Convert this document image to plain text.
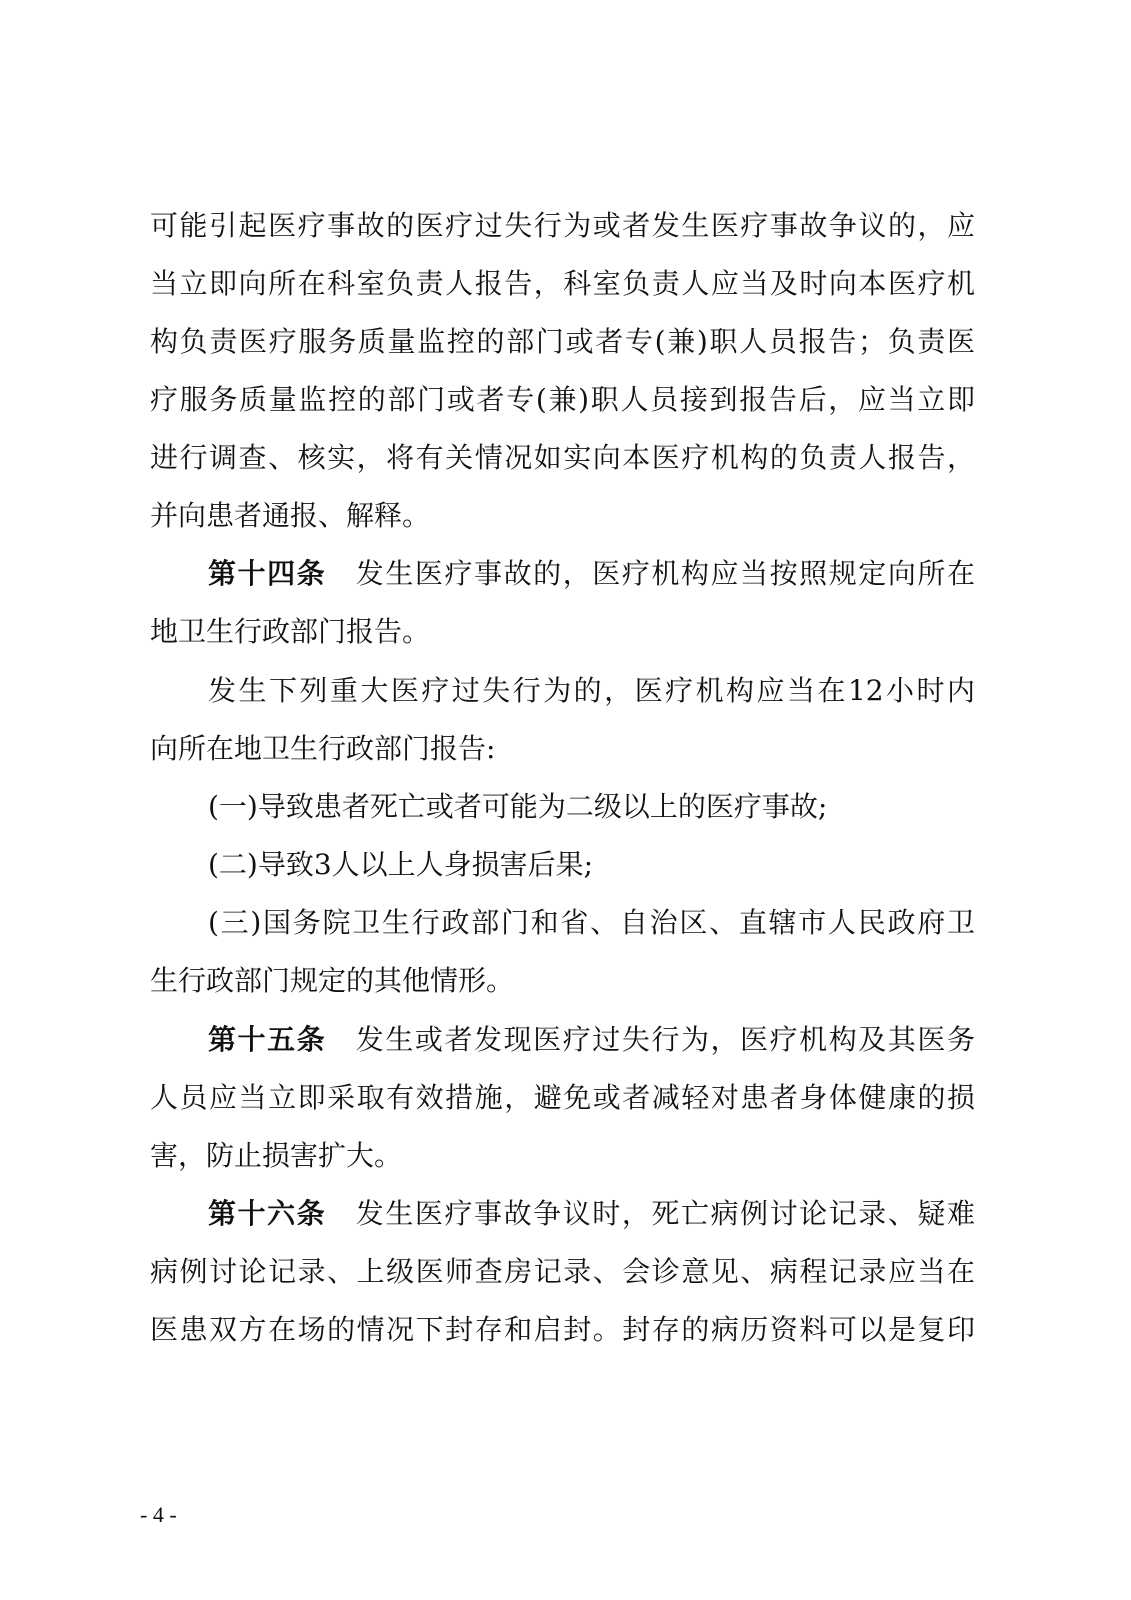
可能引起医疗事故的医疗过失行为或者发生医疗事故争议的，应
当立即向所在科室负责人报告，科室负责人应当及时向本医疗机
构负责医疗服务质量监控的部门或者专(兼)职人员报告；负责医
疗服务质量监控的部门或者专(兼)职人员接到报告后，应当立即
进行调查、核实，将有关情况如实向本医疗机构的负责人报告，
并向患者通报、解释。
第十四条　 发生医疗事故的，医疗机构应当按照规定向所在
地卫生行政部门报告。
发生下列重大医疗过失行为的，医疗机构应当在12小时内
向所在地卫生行政部门报告:
(一)导致患者死亡或者可能为二级以上的医疗事故;
(二)导致3人以上人身损害后果;
(三)国务院卫生行政部门和省、自治区、直辖市人民政府卫
生行政部门规定的其他情形。
第十五条　 发生或者发现医疗过失行为，医疗机构及其医务
人员应当立即采取有效措施，避免或者减轻对患者身体健康的损
害，防止损害扩大。
第十六条　 发生医疗事故争议时，死亡病例讨论记录、疑难
病例讨论记录、上级医师查房记录、会诊意见、病程记录应当在
医患双方在场的情况下封存和启封。封存的病历资料可以是复印
- 4 -
